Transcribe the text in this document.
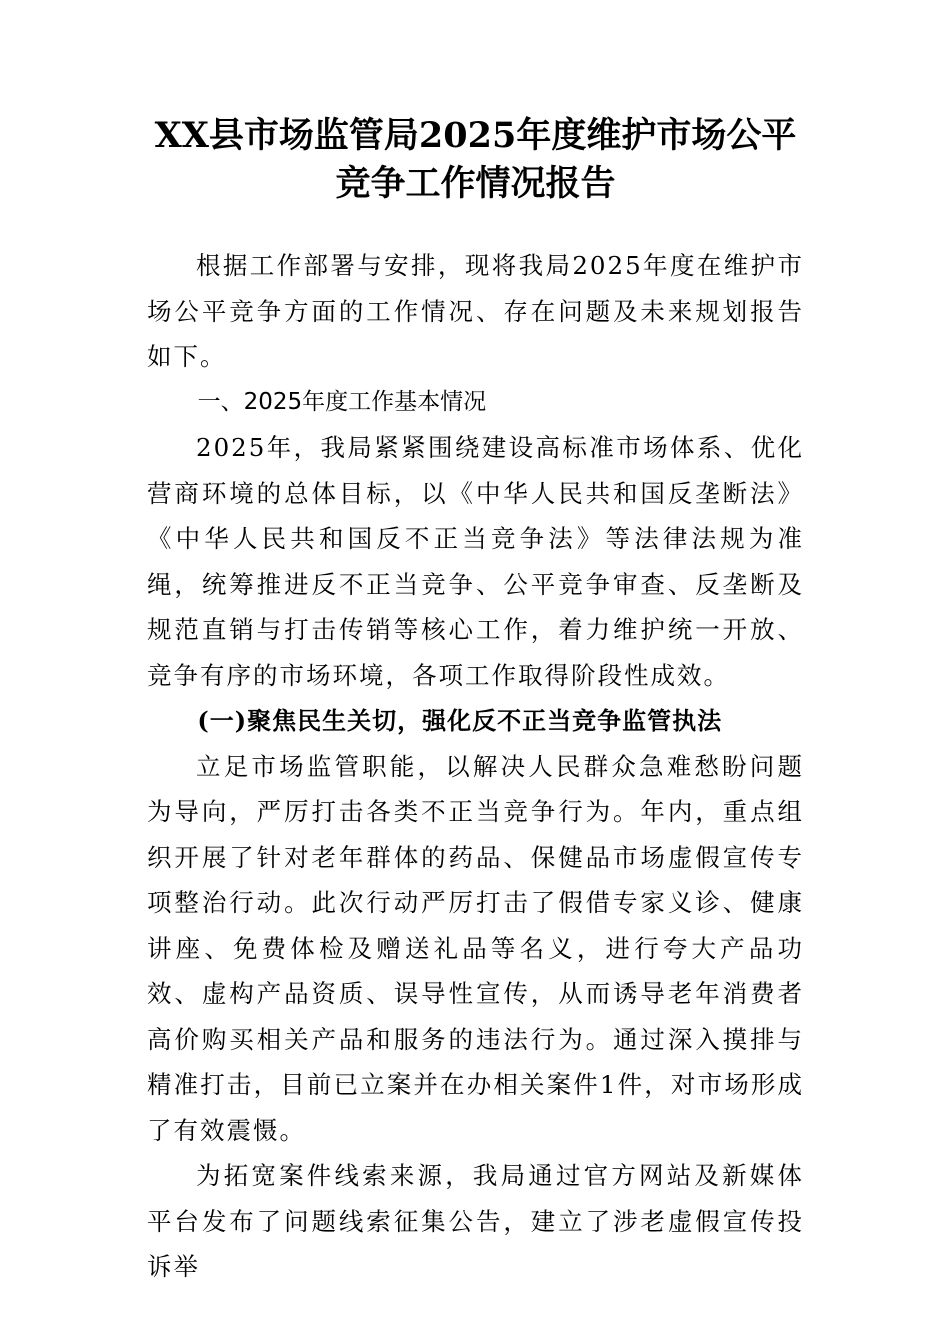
XX县市场监管局2025年度维护市场公平
竞争工作情况报告

根据工作部署与安排，现将我局2025年度在维护市场公平竞争方面的工作情况、存在问题及未来规划报告如下。

一、2025年度工作基本情况

2025年，我局紧紧围绕建设高标准市场体系、优化营商环境的总体目标，以《中华人民共和国反垄断法》《中华人民共和国反不正当竞争法》等法律法规为准绳，统筹推进反不正当竞争、公平竞争审查、反垄断及规范直销与打击传销等核心工作，着力维护统一开放、竞争有序的市场环境，各项工作取得阶段性成效。

(一)聚焦民生关切，强化反不正当竞争监管执法

立足市场监管职能，以解决人民群众急难愁盼问题为导向，严厉打击各类不正当竞争行为。年内，重点组织开展了针对老年群体的药品、保健品市场虚假宣传专项整治行动。此次行动严厉打击了假借专家义诊、健康讲座、免费体检及赠送礼品等名义，进行夸大产品功效、虚构产品资质、误导性宣传，从而诱导老年消费者高价购买相关产品和服务的违法行为。通过深入摸排与精准打击，目前已立案并在办相关案件1件，对市场形成了有效震慑。

为拓宽案件线索来源，我局通过官方网站及新媒体平台发布了问题线索征集公告，建立了涉老虚假宣传投诉举
